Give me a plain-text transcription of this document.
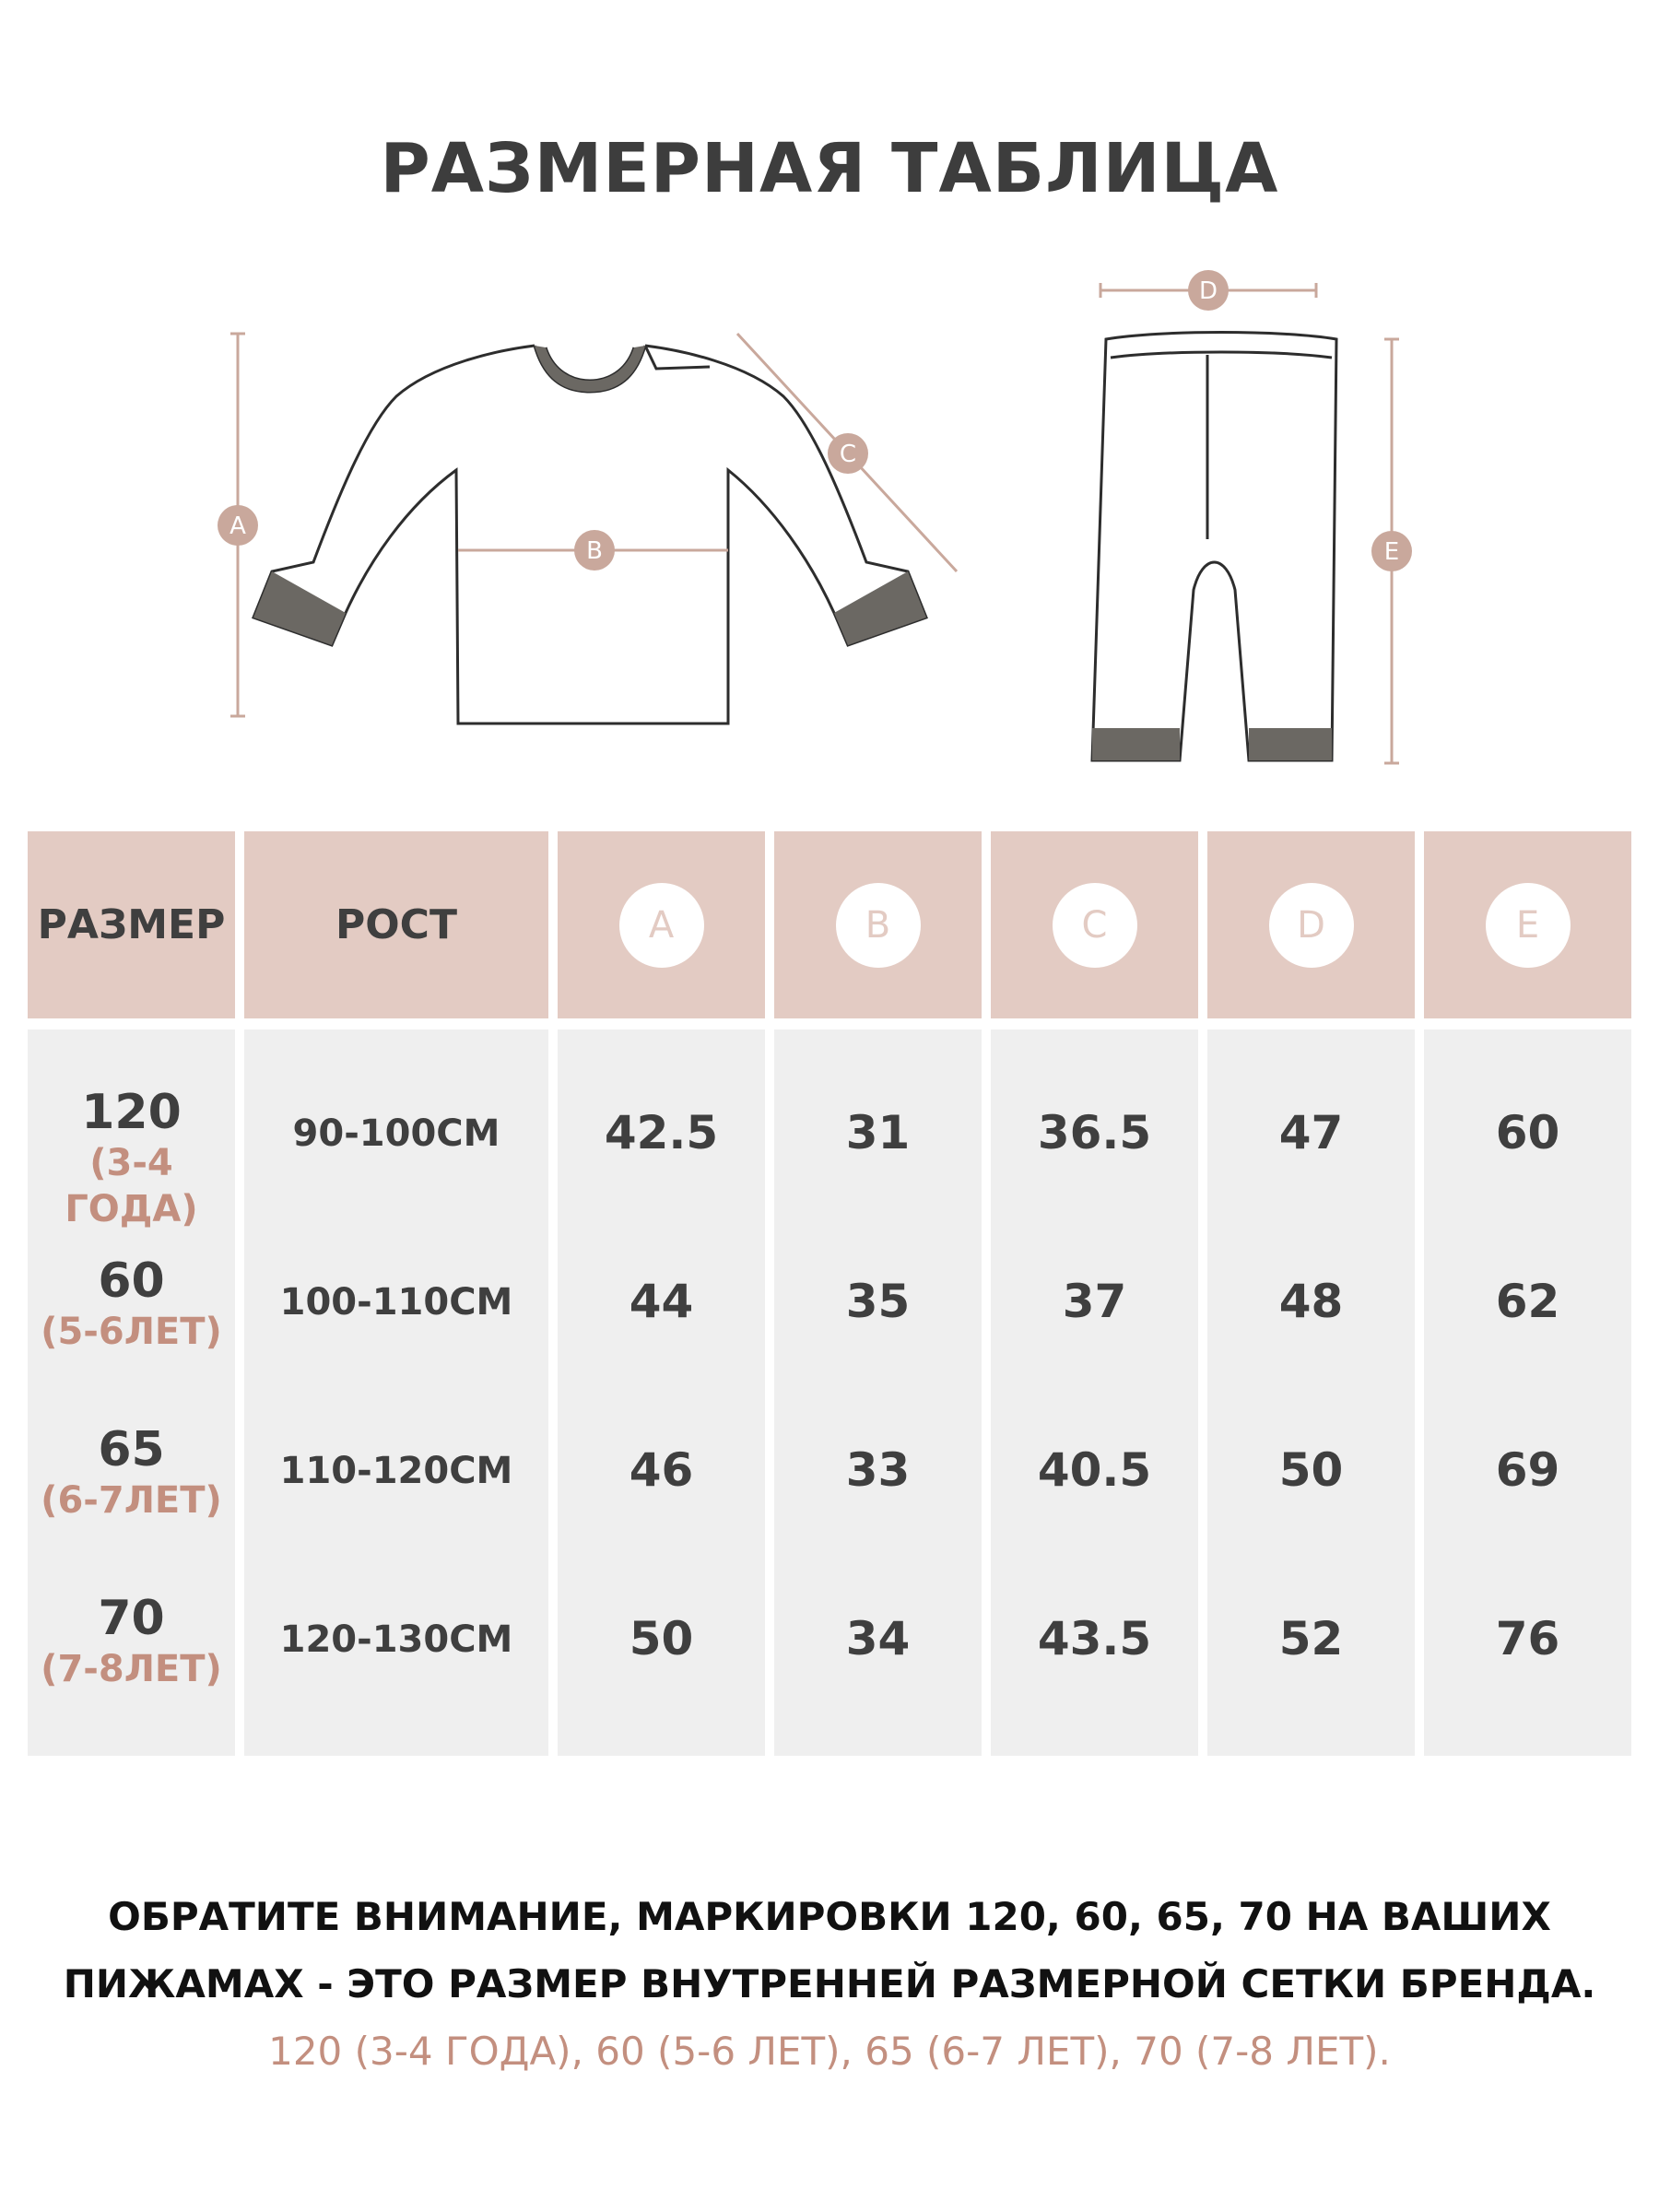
РАЗМЕРНАЯ ТАБЛИЦА
A
B
C
D
E
РАЗМЕР	РОСТ	A	B	C	D	E
120
(3-4 ГОДА)
90-100CM	42.5	31	36.5	47	60
60
(5-6ЛЕТ)
100-110CM	44	35	37	48	62
65
(6-7ЛЕТ)
110-120CM	46	33	40.5	50	69
70
(7-8ЛЕТ)
120-130CM	50	34	43.5	52	76
ОБРАТИТЕ ВНИМАНИЕ, МАРКИРОВКИ 120, 60, 65, 70 НА ВАШИХ
ПИЖАМАХ - ЭТО РАЗМЕР ВНУТРЕННЕЙ РАЗМЕРНОЙ СЕТКИ БРЕНДА.
120 (3-4 ГОДА), 60 (5-6 ЛЕТ), 65 (6-7 ЛЕТ), 70 (7-8 ЛЕТ).
